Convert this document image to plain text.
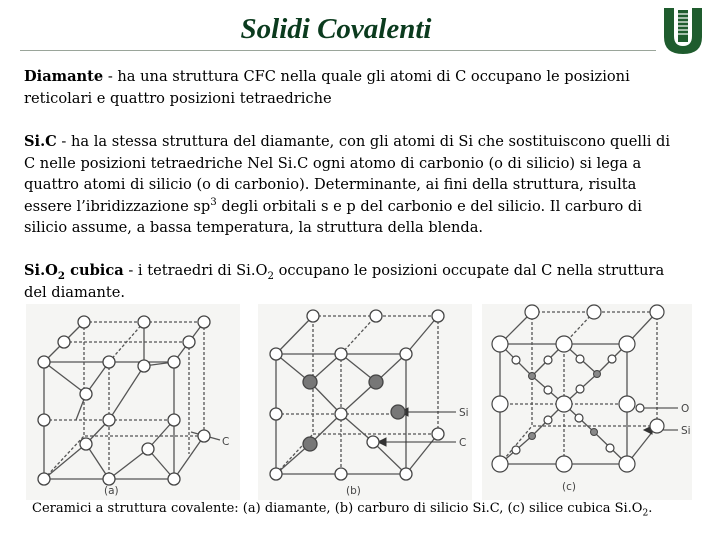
Solidi Covalenti
Diamante - ha una struttura CFC nella quale gli atomi di C occupano le posizioni reticolari e quattro posizioni tetraedriche
Si.C - ha la stessa struttura del diamante, con gli atomi di Si che sostituiscono quelli di C nelle posizioni tetraedriche Nel Si.C ogni atomo di carbonio (o di silicio) si lega a quattro atomi di silicio (o di carbonio). Determinante, ai fini della struttura, risulta essere l’ibridizzazione $sp^3$ degli orbitali s e p del carbonio e del silicio. Il carburo di silicio assume, a bassa temperatura, la struttura della blenda.
$Si.O_2$ cubica - i tetraedri di $Si.O_2$ occupano le posizioni occupate dal C nella struttura del diamante.
C
(a)
Si
C
(b)
O
Si
(c)
Ceramici a struttura covalente: (a) diamante, (b) carburo di silicio Si.C, (c) silice cubica $Si.O_2$.
